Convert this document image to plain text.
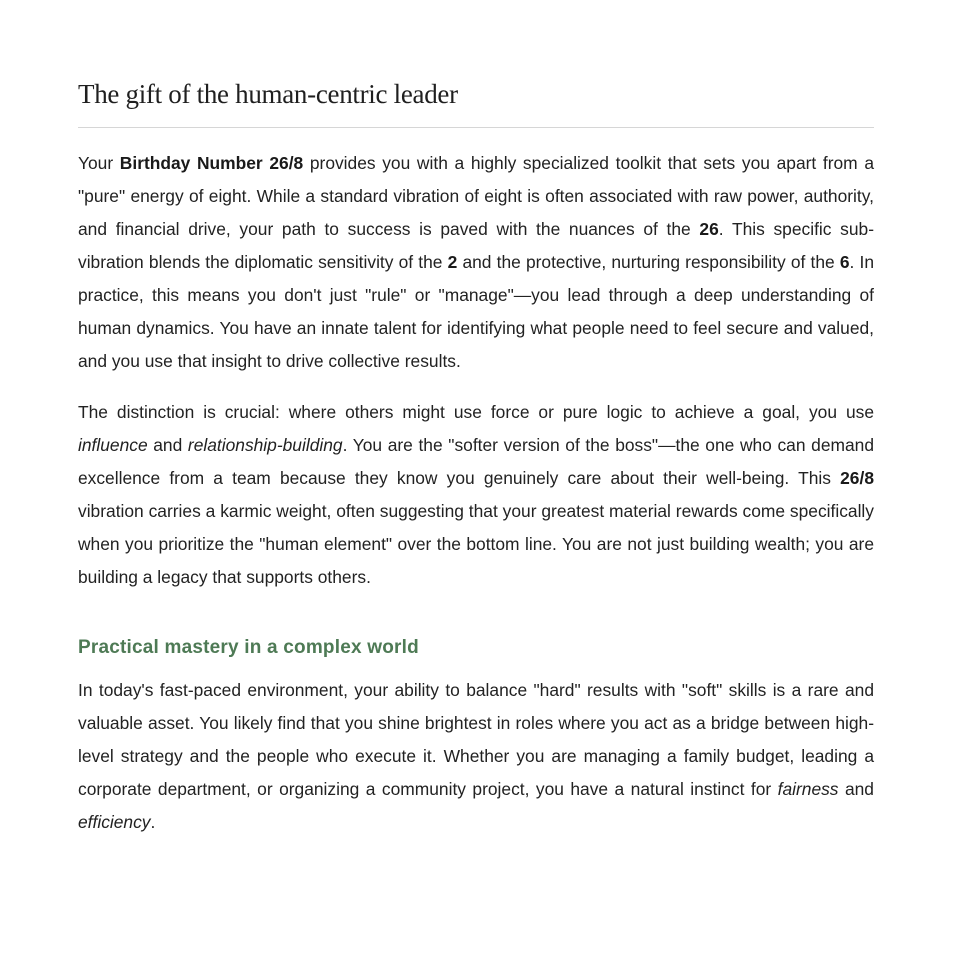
The gift of the human-centric leader

Your Birthday Number 26/8 provides you with a highly specialized toolkit that sets you apart from a "pure" energy of eight. While a standard vibration of eight is often associated with raw power, authority, and financial drive, your path to success is paved with the nuances of the 26. This specific sub-vibration blends the diplomatic sensitivity of the 2 and the protective, nurturing responsibility of the 6. In practice, this means you don't just "rule" or "manage"—you lead through a deep understanding of human dynamics. You have an innate talent for identifying what people need to feel secure and valued, and you use that insight to drive collective results.

The distinction is crucial: where others might use force or pure logic to achieve a goal, you use influence and relationship-building. You are the "softer version of the boss"—the one who can demand excellence from a team because they know you genuinely care about their well-being. This 26/8 vibration carries a karmic weight, often suggesting that your greatest material rewards come specifically when you prioritize the "human element" over the bottom line. You are not just building wealth; you are building a legacy that supports others.

Practical mastery in a complex world

In today's fast-paced environment, your ability to balance "hard" results with "soft" skills is a rare and valuable asset. You likely find that you shine brightest in roles where you act as a bridge between high-level strategy and the people who execute it. Whether you are managing a family budget, leading a corporate department, or organizing a community project, you have a natural instinct for fairness and efficiency.
